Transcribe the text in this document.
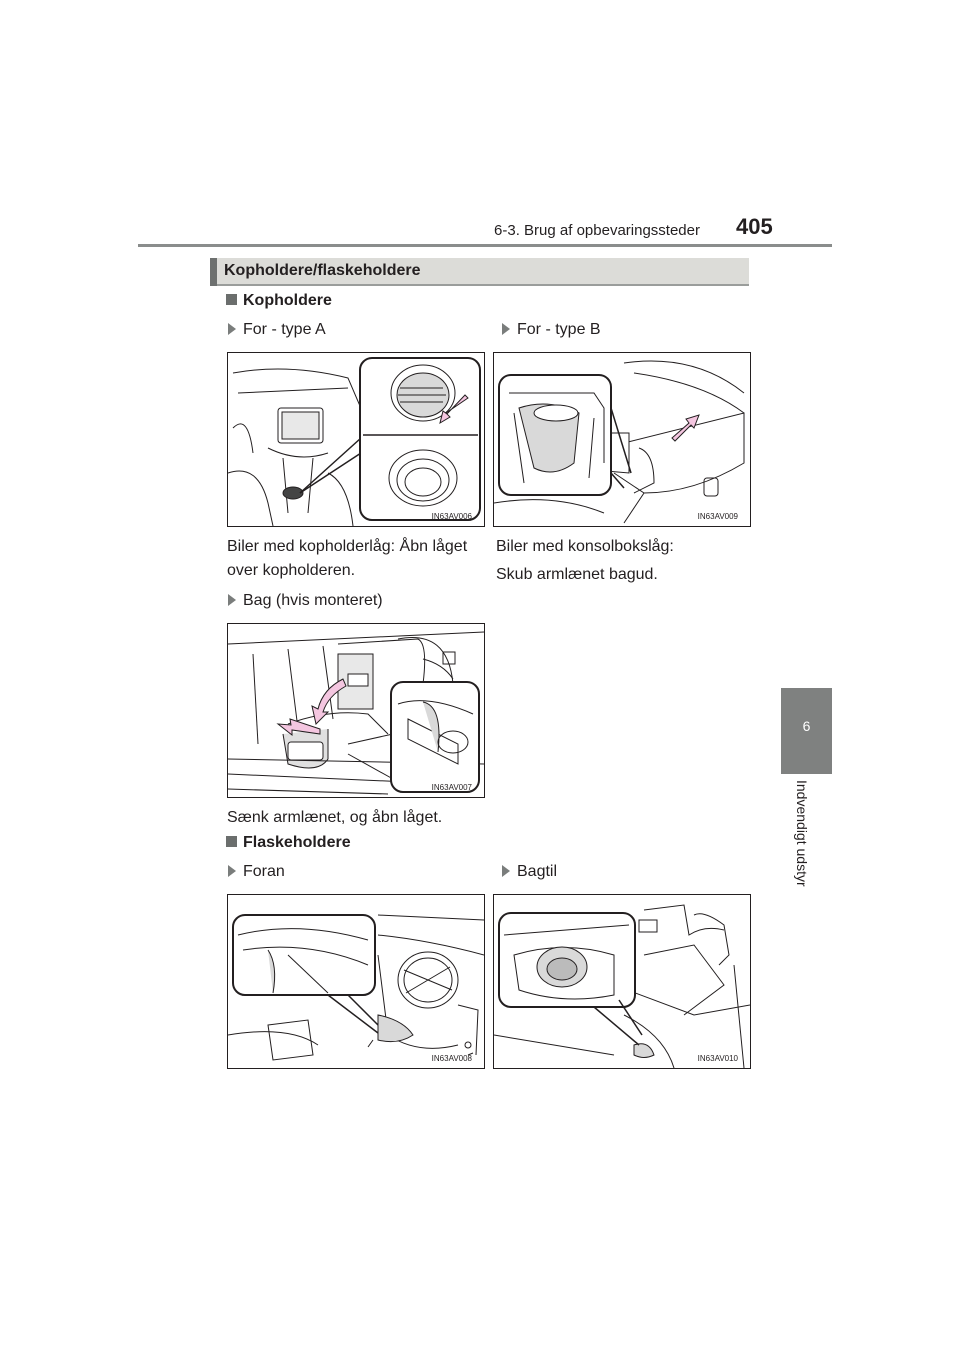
6-3. Brug af opbevaringssteder 405
6
Indvendigt udstyr
Kopholdere/flaskeholdere
Kopholdere
For - type A	For - type B
IN63AV006	IN63AV009
Biler med kopholderlåg: Åbn låget over kopholderen.
Biler med konsolbokslåg:
Skub armlænet bagud.
Bag (hvis monteret)
IN63AV007
Sænk armlænet, og åbn låget.
Flaskeholdere
Foran	Bagtil
IN63AV008	IN63AV010
